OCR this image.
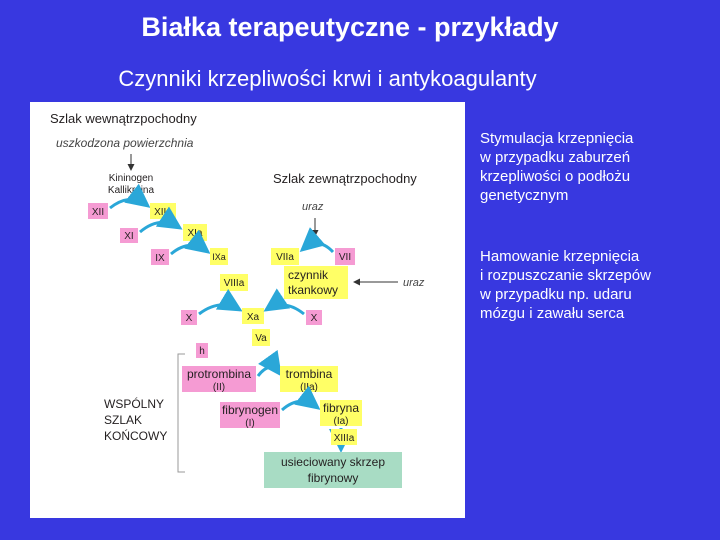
Białka terapeutyczne - przykłady
Czynniki krzepliwości krwi i antykoagulanty
Szlak wewnątrzpochodny
uszkodzona powierzchnia
Kininogen
Kallikreina
Szlak zewnątrzpochodny
uraz
XII	XIIa
XI	XIa
IX	IXa
VIIIa
VIIa	VII
czynnik
tkankowy	uraz
X	Xa	X
Va
h
WSPÓLNY
SZLAK
KOŃCOWY
protrombina
(II)
trombina
(IIa)
fibrynogen
(I)
fibryna
(Ia)
XIIIa
usieciowany skrzep
fibrynowy
Stymulacja krzepnięcia
w przypadku zaburzeń
krzepliwości o podłożu
genetycznym
Hamowanie krzepnięcia
i rozpuszczanie skrzepów
w przypadku np. udaru
mózgu i zawału serca
